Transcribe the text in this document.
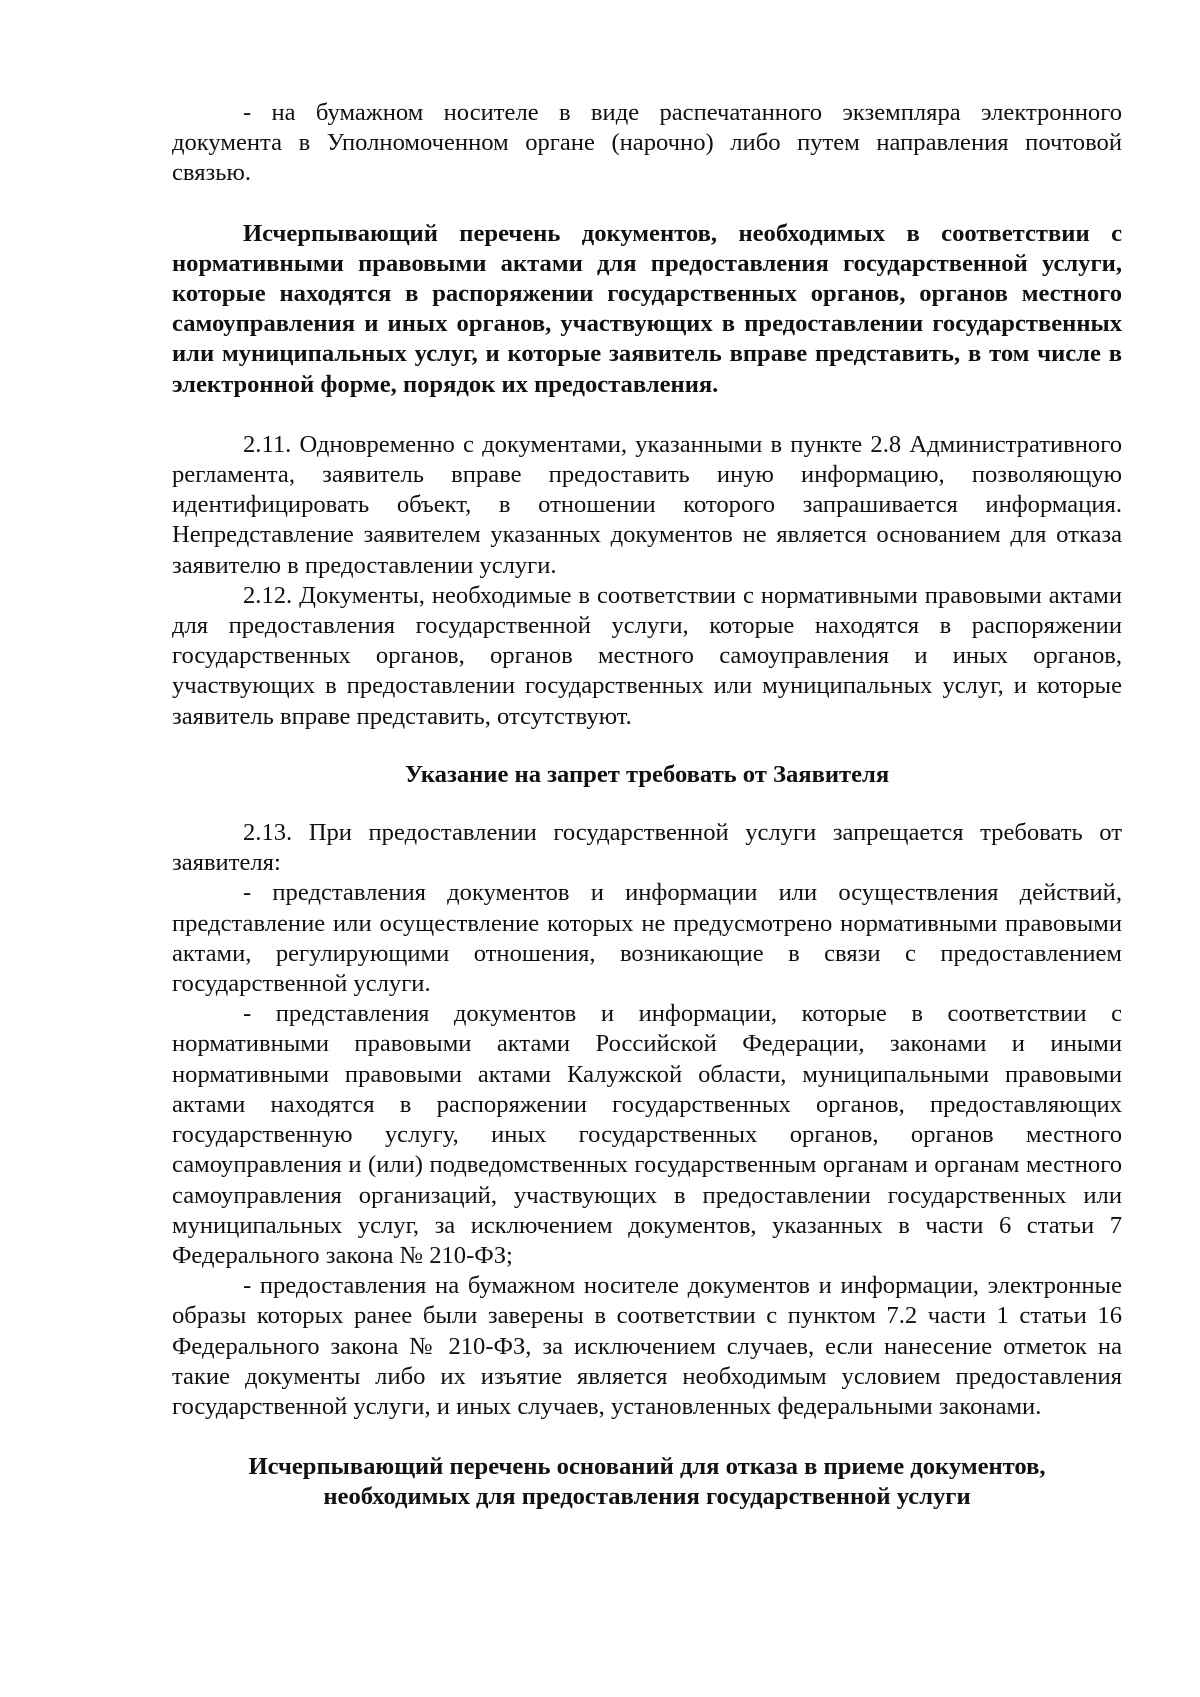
- на бумажном носителе в виде распечатанного экземпляра электронного документа в Уполномоченном органе (нарочно) либо путем направления почтовой связью.

Исчерпывающий перечень документов, необходимых в соответствии с нормативными правовыми актами для предоставления государственной услуги, которые находятся в распоряжении государственных органов, органов местного самоуправления и иных органов, участвующих в предоставлении государственных или муниципальных услуг, и которые заявитель вправе представить, в том числе в электронной форме, порядок их предоставления.

2.11. Одновременно с документами, указанными в пункте 2.8 Административного регламента, заявитель вправе предоставить иную информацию, позволяющую идентифицировать объект, в отношении которого запрашивается информация. Непредставление заявителем указанных документов не является основанием для отказа заявителю в предоставлении услуги.

2.12. Документы, необходимые в соответствии с нормативными правовыми актами для предоставления государственной услуги, которые находятся в распоряжении государственных органов, органов местного самоуправления и иных органов, участвующих в предоставлении государственных или муниципальных услуг, и которые заявитель вправе представить, отсутствуют.

Указание на запрет требовать от Заявителя

2.13. При предоставлении государственной услуги запрещается требовать от заявителя:

- представления документов и информации или осуществления действий, представление или осуществление которых не предусмотрено нормативными правовыми актами, регулирующими отношения, возникающие в связи с предоставлением государственной услуги.

- представления документов и информации, которые в соответствии с нормативными правовыми актами Российской Федерации, законами и иными нормативными правовыми актами Калужской области, муниципальными правовыми актами находятся в распоряжении государственных органов, предоставляющих государственную услугу, иных государственных органов, органов местного самоуправления и (или) подведомственных государственным органам и органам местного самоуправления организаций, участвующих в предоставлении государственных или муниципальных услуг, за исключением документов, указанных в части 6 статьи 7 Федерального закона № 210-ФЗ;

- предоставления на бумажном носителе документов и информации, электронные образы которых ранее были заверены в соответствии с пунктом 7.2 части 1 статьи 16 Федерального закона № 210-ФЗ, за исключением случаев, если нанесение отметок на такие документы либо их изъятие является необходимым условием предоставления государственной услуги, и иных случаев, установленных федеральными законами.

Исчерпывающий перечень оснований для отказа в приеме документов,

необходимых для предоставления государственной услуги
